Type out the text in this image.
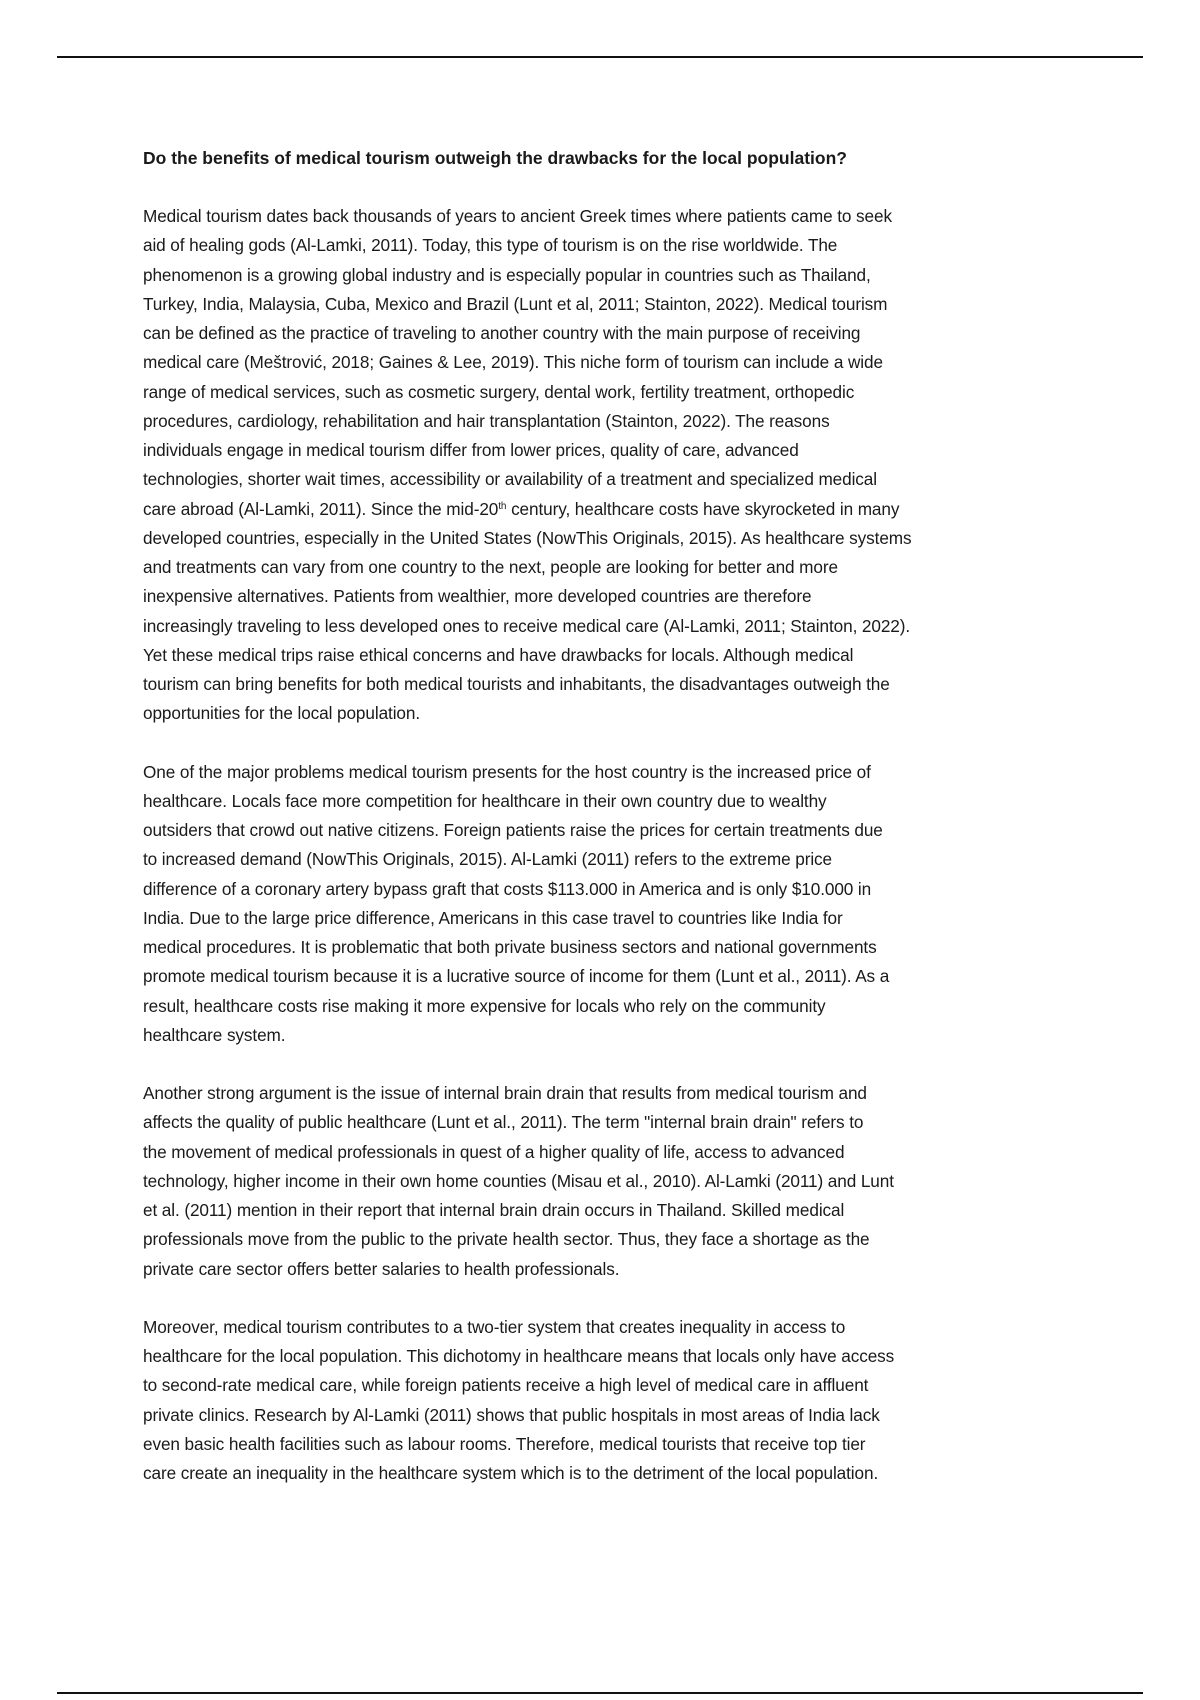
Do the benefits of medical tourism outweigh the drawbacks for the local population?

Medical tourism dates back thousands of years to ancient Greek times where patients came to seek
aid of healing gods (Al-Lamki, 2011). Today, this type of tourism is on the rise worldwide. The
phenomenon is a growing global industry and is especially popular in countries such as Thailand,
Turkey, India, Malaysia, Cuba, Mexico and Brazil (Lunt et al, 2011; Stainton, 2022). Medical tourism
can be defined as the practice of traveling to another country with the main purpose of receiving
medical care (Meštrović, 2018; Gaines & Lee, 2019). This niche form of tourism can include a wide
range of medical services, such as cosmetic surgery, dental work, fertility treatment, orthopedic
procedures, cardiology, rehabilitation and hair transplantation (Stainton, 2022). The reasons
individuals engage in medical tourism differ from lower prices, quality of care, advanced
technologies, shorter wait times, accessibility or availability of a treatment and specialized medical
care abroad (Al-Lamki, 2011). Since the mid-20th century, healthcare costs have skyrocketed in many
developed countries, especially in the United States (NowThis Originals, 2015). As healthcare systems
and treatments can vary from one country to the next, people are looking for better and more
inexpensive alternatives. Patients from wealthier, more developed countries are therefore
increasingly traveling to less developed ones to receive medical care (Al-Lamki, 2011; Stainton, 2022).
Yet these medical trips raise ethical concerns and have drawbacks for locals. Although medical
tourism can bring benefits for both medical tourists and inhabitants, the disadvantages outweigh the
opportunities for the local population.

One of the major problems medical tourism presents for the host country is the increased price of
healthcare. Locals face more competition for healthcare in their own country due to wealthy
outsiders that crowd out native citizens. Foreign patients raise the prices for certain treatments due
to increased demand (NowThis Originals, 2015). Al-Lamki (2011) refers to the extreme price
difference of a coronary artery bypass graft that costs $113.000 in America and is only $10.000 in
India. Due to the large price difference, Americans in this case travel to countries like India for
medical procedures. It is problematic that both private business sectors and national governments
promote medical tourism because it is a lucrative source of income for them (Lunt et al., 2011). As a
result, healthcare costs rise making it more expensive for locals who rely on the community
healthcare system.

Another strong argument is the issue of internal brain drain that results from medical tourism and
affects the quality of public healthcare (Lunt et al., 2011). The term "internal brain drain" refers to
the movement of medical professionals in quest of a higher quality of life, access to advanced
technology, higher income in their own home counties (Misau et al., 2010). Al-Lamki (2011) and Lunt
et al. (2011) mention in their report that internal brain drain occurs in Thailand. Skilled medical
professionals move from the public to the private health sector. Thus, they face a shortage as the
private care sector offers better salaries to health professionals.

Moreover, medical tourism contributes to a two-tier system that creates inequality in access to
healthcare for the local population. This dichotomy in healthcare means that locals only have access
to second-rate medical care, while foreign patients receive a high level of medical care in affluent
private clinics. Research by Al-Lamki (2011) shows that public hospitals in most areas of India lack
even basic health facilities such as labour rooms. Therefore, medical tourists that receive top tier
care create an inequality in the healthcare system which is to the detriment of the local population.
